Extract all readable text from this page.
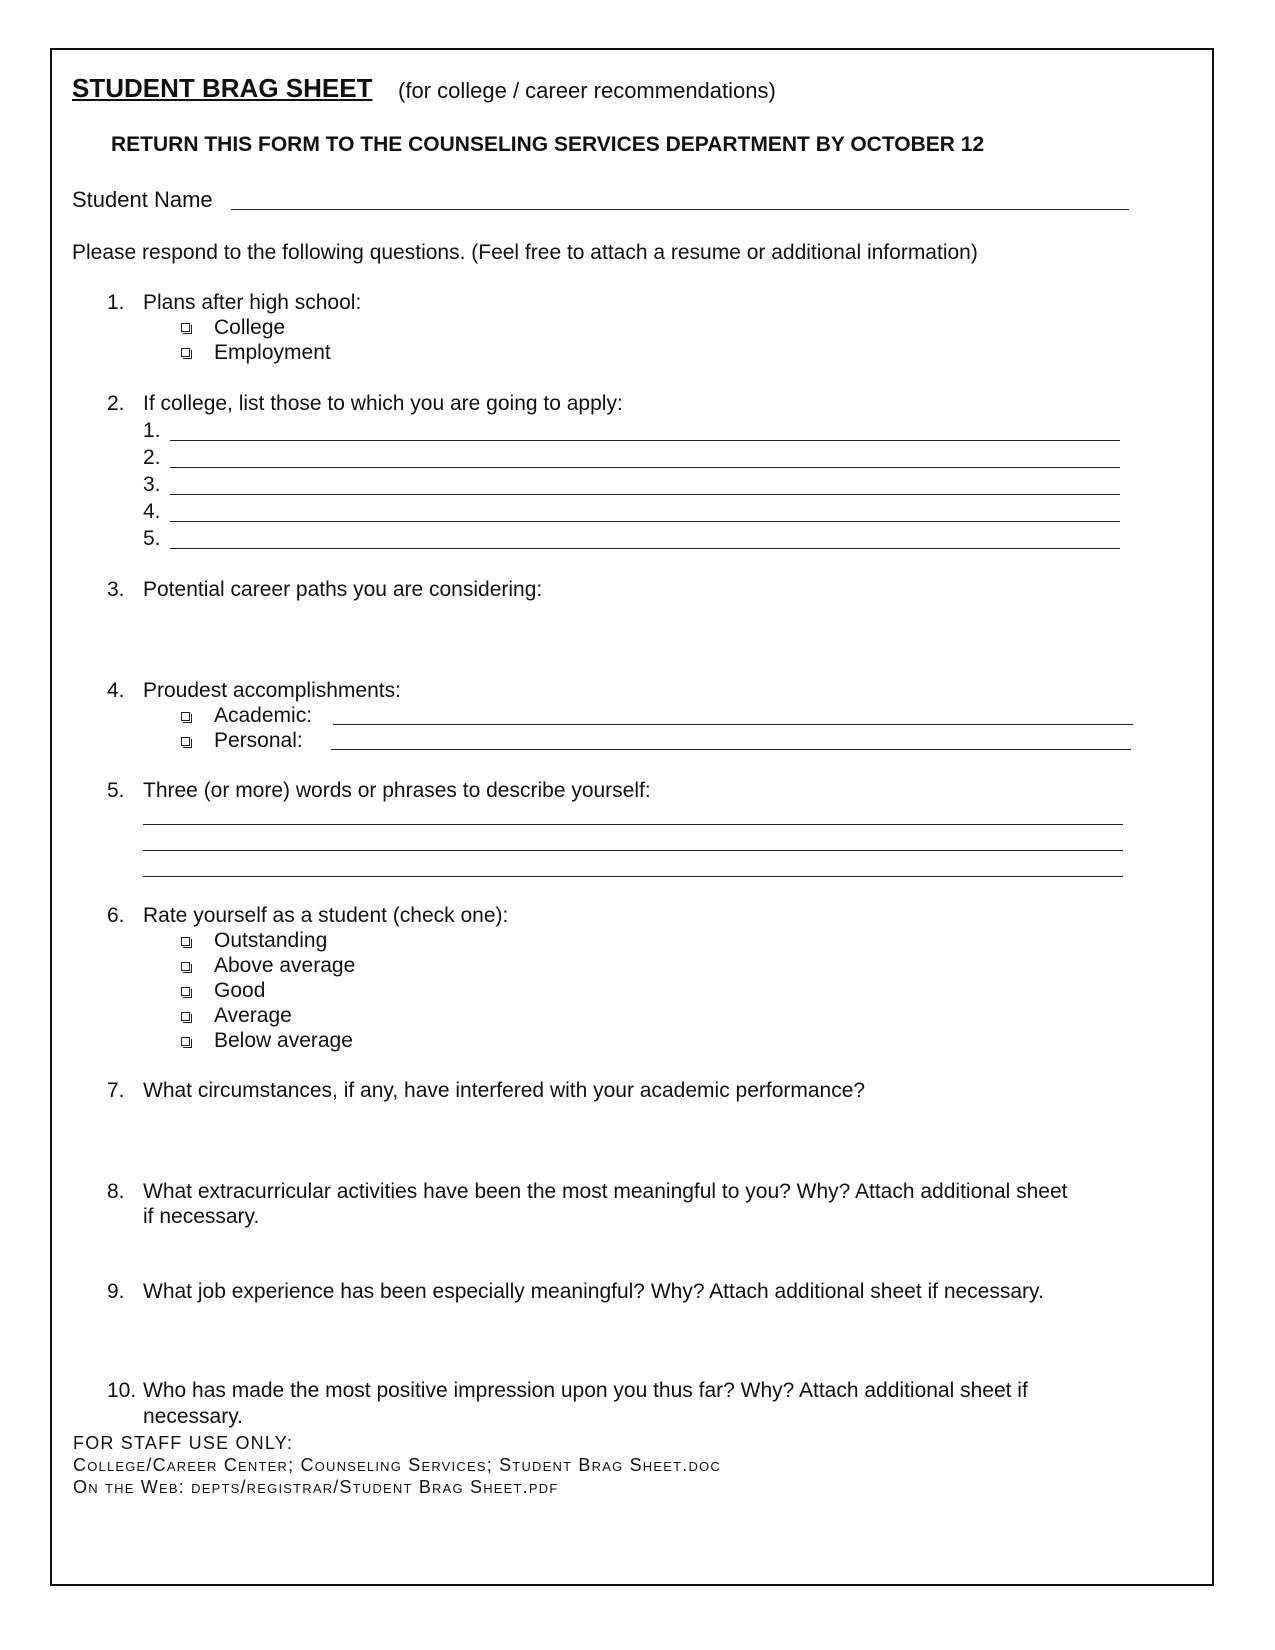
STUDENT BRAG SHEET (for college / career recommendations)
RETURN THIS FORM TO THE COUNSELING SERVICES DEPARTMENT BY OCTOBER 12
Student Name
Please respond to the following questions. (Feel free to attach a resume or additional information)
1. Plans after high school:
College
Employment
2. If college, list those to which you are going to apply:
1.
2.
3.
4.
5.
3. Potential career paths you are considering:
4. Proudest accomplishments:
Academic:
Personal:
5. Three (or more) words or phrases to describe yourself:
6. Rate yourself as a student (check one):
Outstanding
Above average
Good
Average
Below average
7. What circumstances, if any, have interfered with your academic performance?
8. What extracurricular activities have been the most meaningful to you? Why? Attach additional sheet
if necessary.
9. What job experience has been especially meaningful? Why? Attach additional sheet if necessary.
10. Who has made the most positive impression upon you thus far? Why? Attach additional sheet if
necessary.
FOR STAFF USE ONLY:
College/Career Center; Counseling Services; Student Brag Sheet.doc
On the Web: depts/registrar/Student Brag Sheet.pdf
